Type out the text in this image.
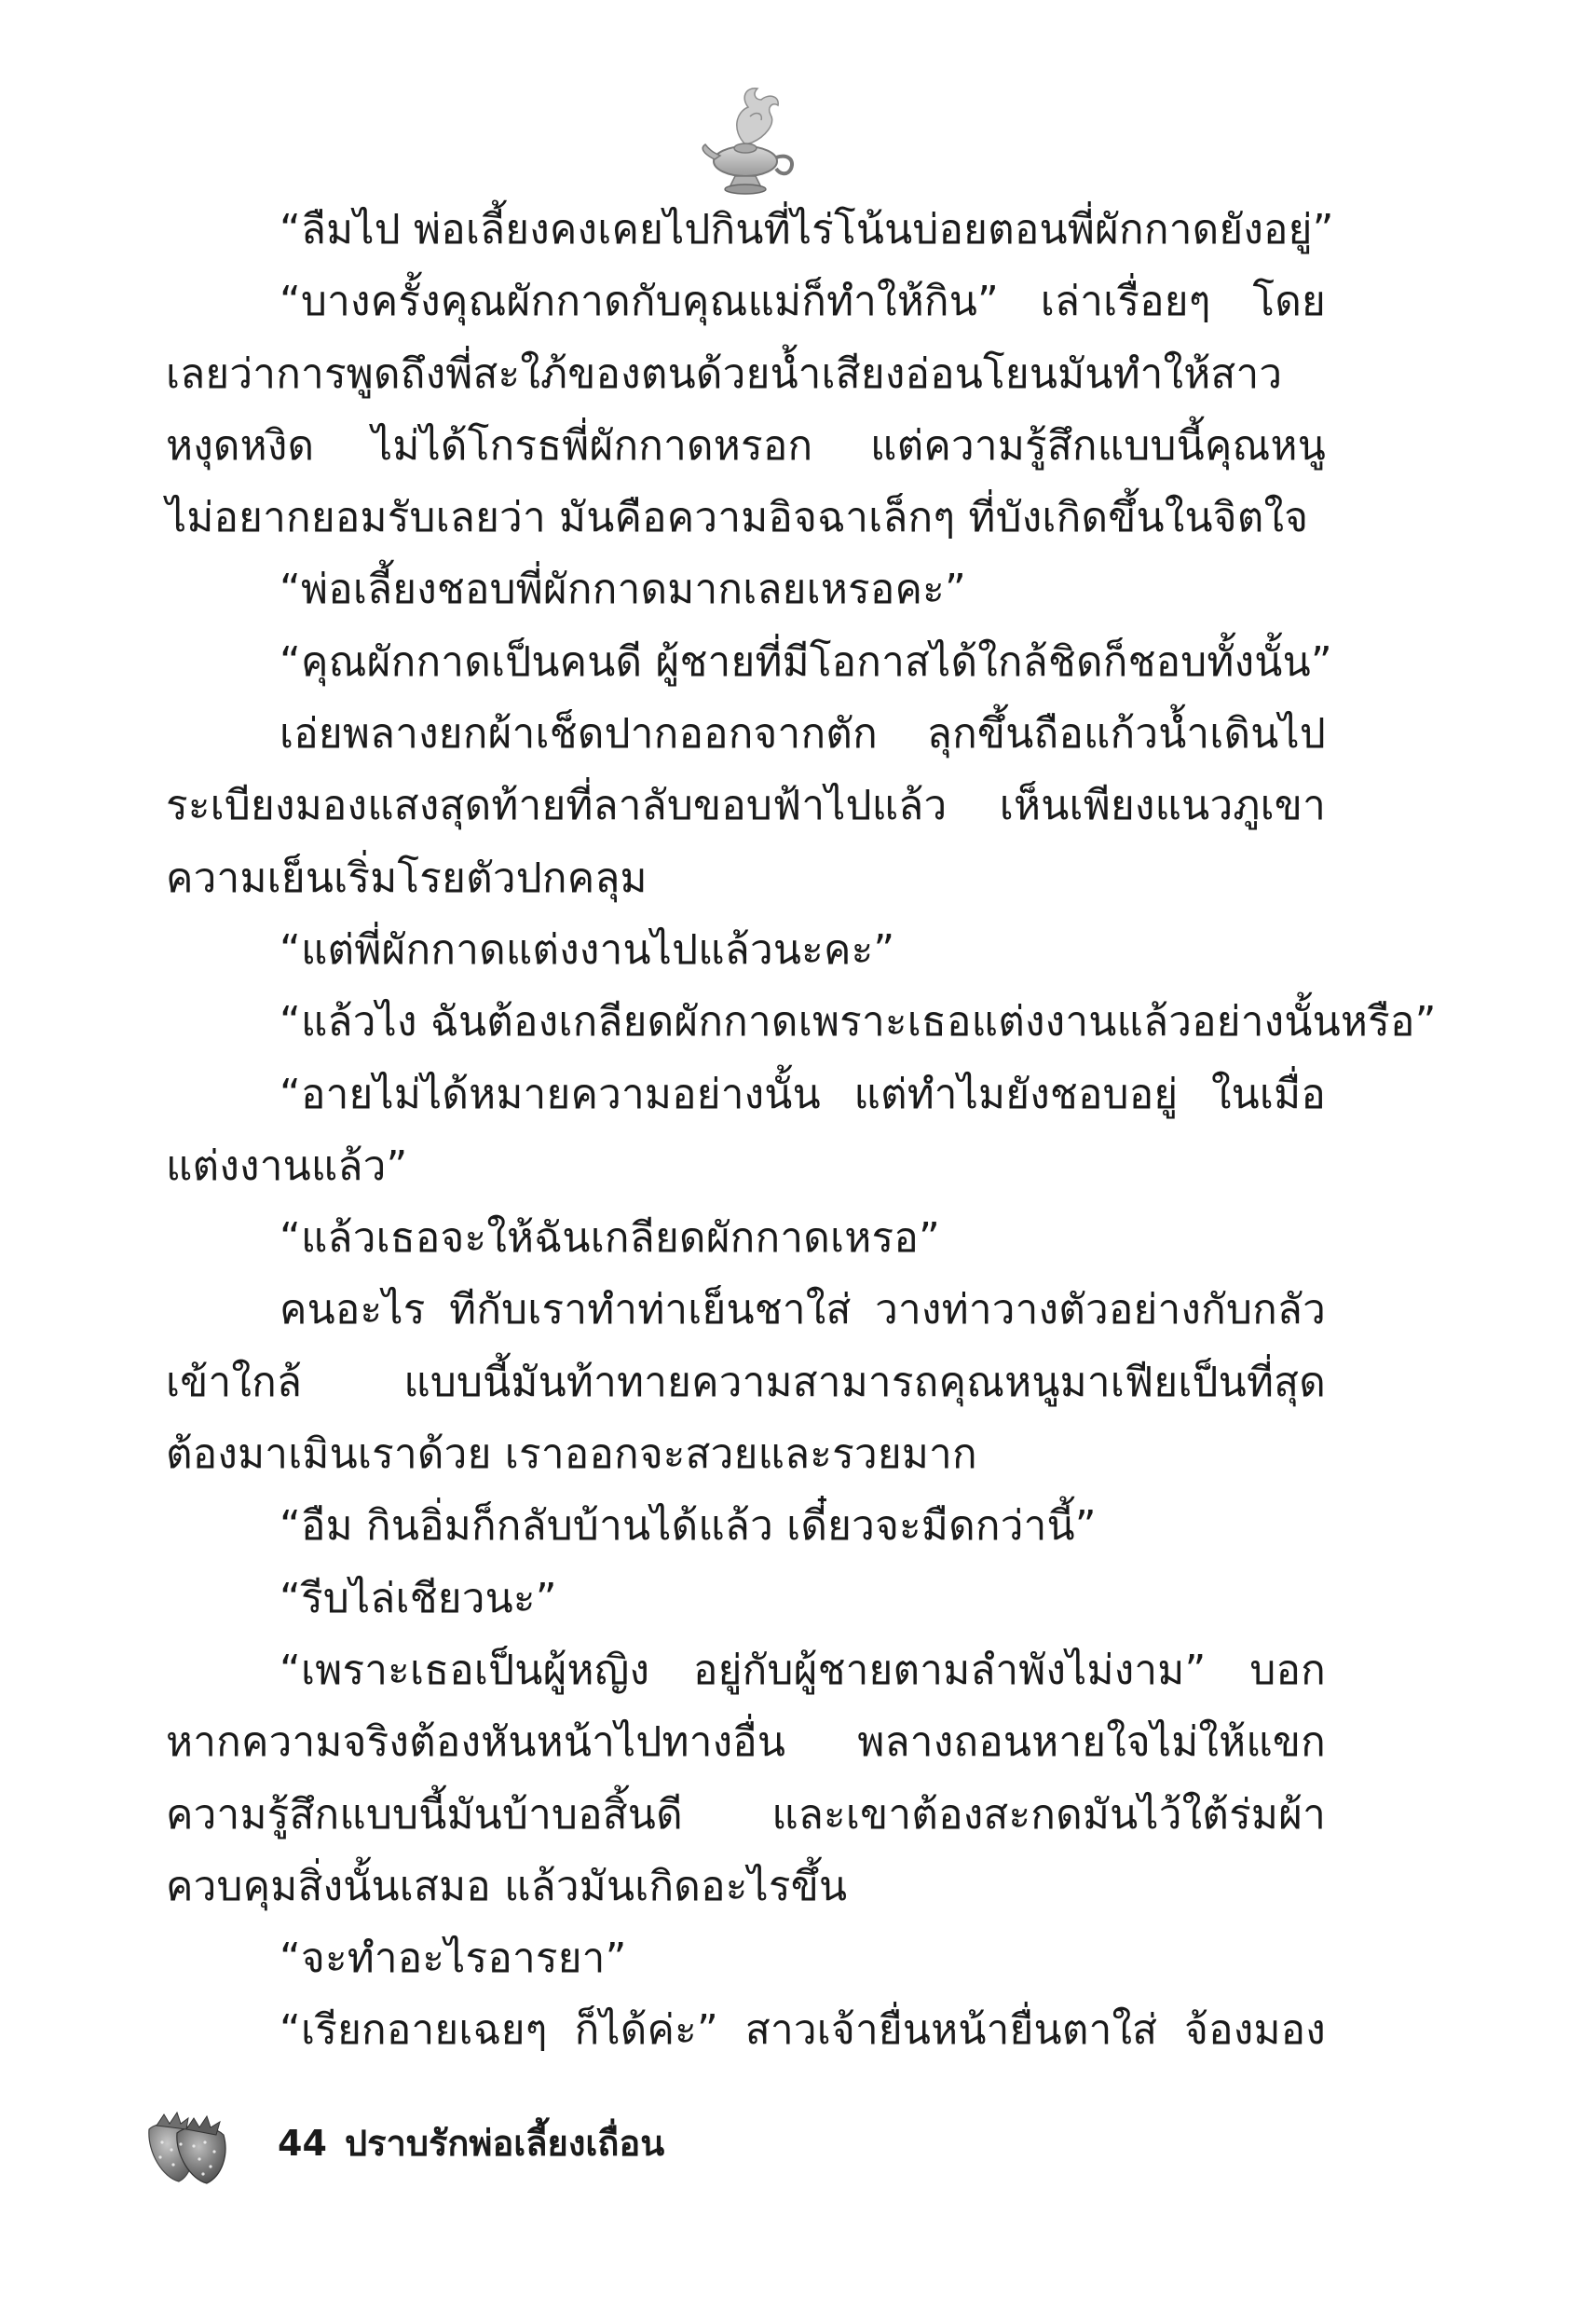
“ลืมไป พ่อเลี้ยงคงเคยไปกินที่ไร่โน้นบ่อยตอนพี่ผักกาดยังอยู่”
“บางครั้งคุณผักกาดกับคุณแม่ก็ทำให้กิน” เล่าเรื่อยๆ โดย
เลยว่าการพูดถึงพี่สะใภ้ของตนด้วยน้ำเสียงอ่อนโยนมันทำให้สาว
หงุดหงิด ไม่ได้โกรธพี่ผักกาดหรอก แต่ความรู้สึกแบบนี้คุณหนู
ไม่อยากยอมรับเลยว่า มันคือความอิจฉาเล็กๆ ที่บังเกิดขึ้นในจิตใจ
“พ่อเลี้ยงชอบพี่ผักกาดมากเลยเหรอคะ”
“คุณผักกาดเป็นคนดี ผู้ชายที่มีโอกาสได้ใกล้ชิดก็ชอบทั้งนั้น”
เอ่ยพลางยกผ้าเช็ดปากออกจากตัก ลุกขึ้นถือแก้วน้ำเดินไป
ระเบียงมองแสงสุดท้ายที่ลาลับขอบฟ้าไปแล้ว เห็นเพียงแนวภูเขา
ความเย็นเริ่มโรยตัวปกคลุม
“แต่พี่ผักกาดแต่งงานไปแล้วนะคะ”
“แล้วไง ฉันต้องเกลียดผักกาดเพราะเธอแต่งงานแล้วอย่างนั้นหรือ”
“อายไม่ได้หมายความอย่างนั้น แต่ทำไมยังชอบอยู่ ในเมื่อ
แต่งงานแล้ว”
“แล้วเธอจะให้ฉันเกลียดผักกาดเหรอ”
คนอะไร ทีกับเราทำท่าเย็นชาใส่ วางท่าวางตัวอย่างกับกลัว
เข้าใกล้ แบบนี้มันท้าทายความสามารถคุณหนูมาเฟียเป็นที่สุด
ต้องมาเมินเราด้วย เราออกจะสวยและรวยมาก
“อืม กินอิ่มก็กลับบ้านได้แล้ว เดี๋ยวจะมืดกว่านี้”
“รีบไล่เชียวนะ”
“เพราะเธอเป็นผู้หญิง อยู่กับผู้ชายตามลำพังไม่งาม” บอก
หากความจริงต้องหันหน้าไปทางอื่น พลางถอนหายใจไม่ให้แขก
ความรู้สึกแบบนี้มันบ้าบอสิ้นดี และเขาต้องสะกดมันไว้ใต้ร่มผ้า
ควบคุมสิ่งนั้นเสมอ แล้วมันเกิดอะไรขึ้น
“จะทำอะไรอารยา”
“เรียกอายเฉยๆ ก็ได้ค่ะ” สาวเจ้ายื่นหน้ายื่นตาใส่ จ้องมอง
44 ปราบรักพ่อเลี้ยงเถื่อน
